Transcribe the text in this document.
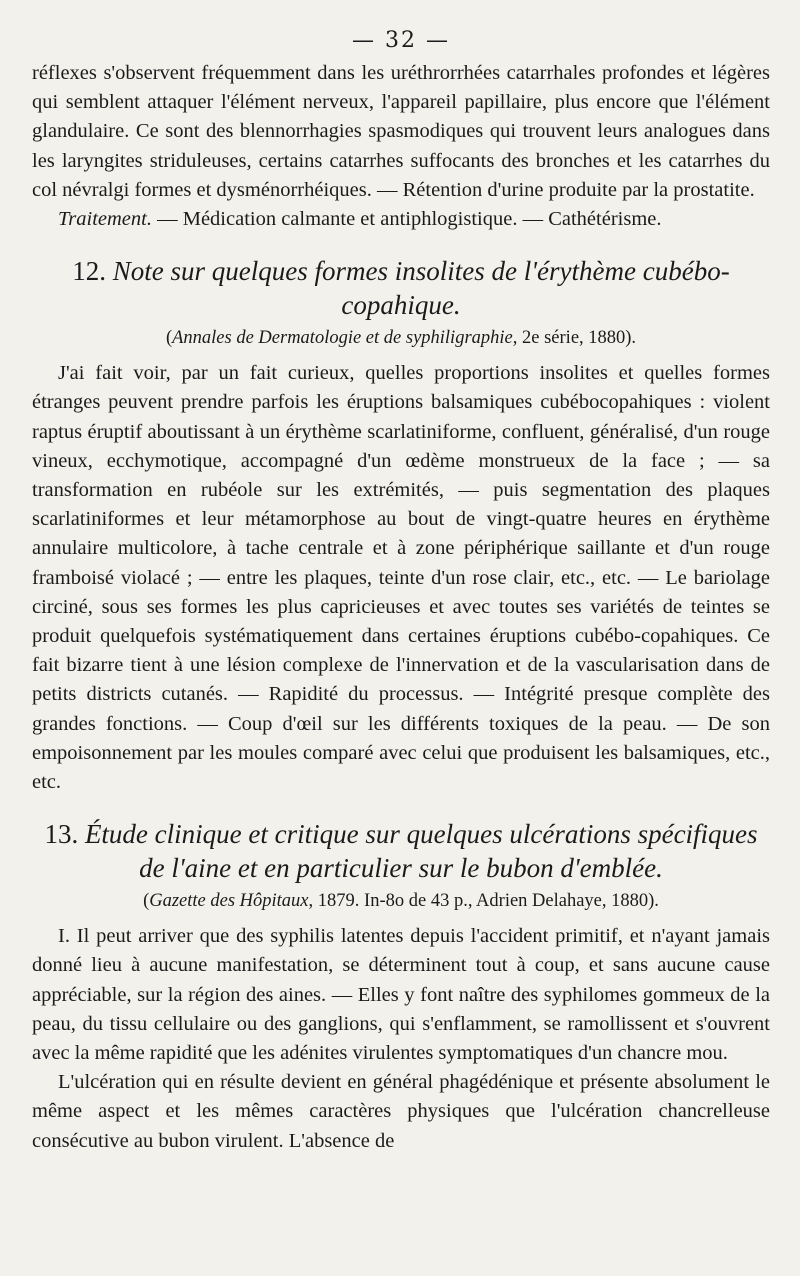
— 32 —

réflexes s'observent fréquemment dans les uréthrorrhées catarrhales profondes et légères qui semblent attaquer l'élément nerveux, l'appareil papillaire, plus encore que l'élément glandulaire. Ce sont des blennorrhagies spasmodiques qui trouvent leurs analogues dans les laryngites striduleuses, certains catarrhes suffocants des bronches et les catarrhes du col névralgi formes et dysménorrhéiques. — Rétention d'urine produite par la prostatite.

Traitement. — Médication calmante et antiphlogistique. — Cathétérisme.

12. Note sur quelques formes insolites de l'érythème cubébo-copahique.
(Annales de Dermatologie et de syphiligraphie, 2e série, 1880).

J'ai fait voir, par un fait curieux, quelles proportions insolites et quelles formes étranges peuvent prendre parfois les éruptions balsamiques cubébocopahiques : violent raptus éruptif aboutissant à un érythème scarlatiniforme, confluent, généralisé, d'un rouge vineux, ecchymotique, accompagné d'un œdème monstrueux de la face ; — sa transformation en rubéole sur les extrémités, — puis segmentation des plaques scarlatiniformes et leur métamorphose au bout de vingt-quatre heures en érythème annulaire multicolore, à tache centrale et à zone périphérique saillante et d'un rouge framboisé violacé ; — entre les plaques, teinte d'un rose clair, etc., etc. — Le bariolage circiné, sous ses formes les plus capricieuses et avec toutes ses variétés de teintes se produit quelquefois systématiquement dans certaines éruptions cubébo-copahiques. Ce fait bizarre tient à une lésion complexe de l'innervation et de la vascularisation dans de petits districts cutanés. — Rapidité du processus. — Intégrité presque complète des grandes fonctions. — Coup d'œil sur les différents toxiques de la peau. — De son empoisonnement par les moules comparé avec celui que produisent les balsamiques, etc., etc.

13. Étude clinique et critique sur quelques ulcérations spécifiques de l'aine et en particulier sur le bubon d'emblée.
(Gazette des Hôpitaux, 1879. In-8o de 43 p., Adrien Delahaye, 1880).

I. Il peut arriver que des syphilis latentes depuis l'accident primitif, et n'ayant jamais donné lieu à aucune manifestation, se déterminent tout à coup, et sans aucune cause appréciable, sur la région des aines. — Elles y font naître des syphilomes gommeux de la peau, du tissu cellulaire ou des ganglions, qui s'enflamment, se ramollissent et s'ouvrent avec la même rapidité que les adénites virulentes symptomatiques d'un chancre mou.

L'ulcération qui en résulte devient en général phagédénique et présente absolument le même aspect et les mêmes caractères physiques que l'ulcération chancrelleuse consécutive au bubon virulent. L'absence de
